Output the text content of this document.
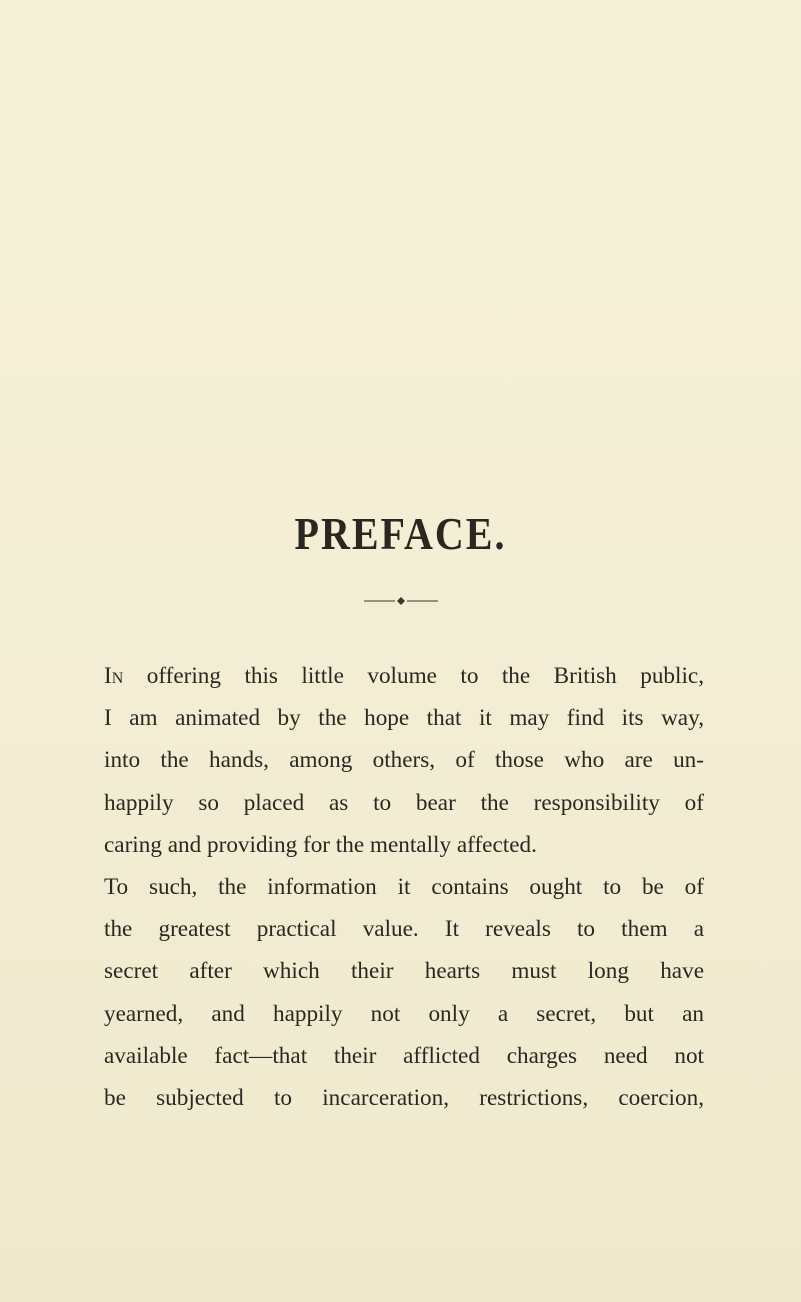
PREFACE.
In offering this little volume to the British public,
I am animated by the hope that it may find its way,
into the hands, among others, of those who are un-
happily so placed as to bear the responsibility of
caring and providing for the mentally affected.
To such, the information it contains ought to be of
the greatest practical value. It reveals to them a
secret after which their hearts must long have
yearned, and happily not only a secret, but an
available fact—that their afflicted charges need not
be subjected to incarceration, restrictions, coercion,
